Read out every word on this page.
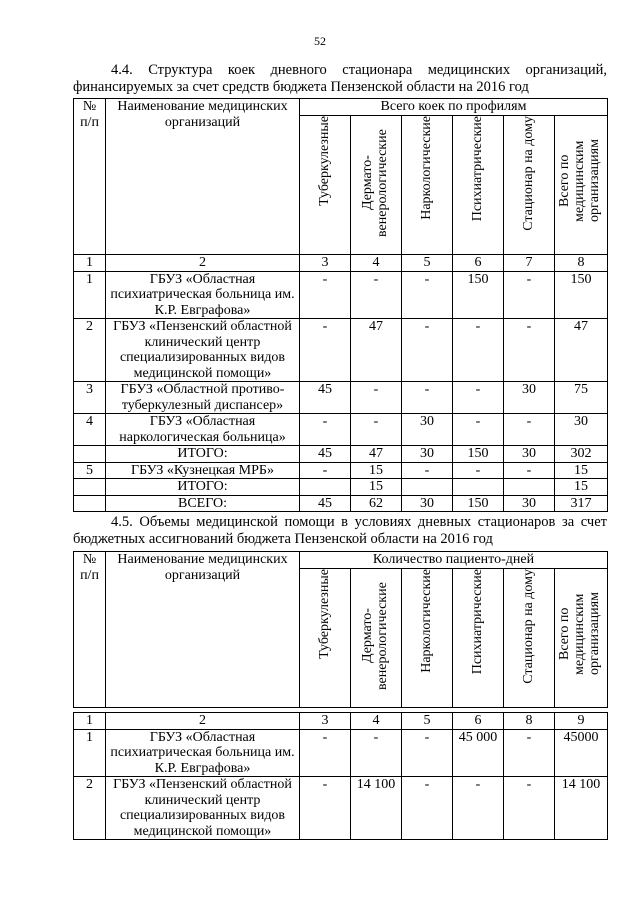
52
4.4. Структура коек дневного стационара медицинских организаций,
финансируемых за счет средств бюджета Пензенской области на 2016 год
№ п/п	Наименование медицинских организаций	Всего коек по профилям					

		Туберкулезные	Дермато-венерологические	Наркологические	Психиатрические	Стационар на дому	Всего по медицинским организациям

1	2	3	4	5	6	7	8
1	ГБУЗ «Областная психиатрическая больница им. К.Р. Евграфова»	-	-	-	150	-	150
2	ГБУЗ «Пензенский областной клинический центр специализированных видов медицинской помощи»	-	47	-	-	-	47
3	ГБУЗ «Областной противо-туберкулезный диспансер»	45	-	-	-	30	75
4	ГБУЗ «Областная наркологическая больница»	-	-	30	-	-	30
	ИТОГО:	45	47	30	150	30	302
5	ГБУЗ «Кузнецкая МРБ»	-	15	-	-	-	15
	ИТОГО:		15				15
	ВСЕГО:	45	62	30	150	30	317
4.5. Объемы медицинской помощи в условиях дневных стационаров за счет
бюджетных ассигнований бюджета Пензенской области на 2016 год
№ п/п	Наименование медицинских организаций	Количество пациенто-дней					

		Туберкулезные	Дермато-венерологические	Наркологические	Психиатрические	Стационар на дому	Всего по медицинским организациям

1	2	3	4	5	6	8	9
1	ГБУЗ «Областная психиатрическая больница им. К.Р. Евграфова»	-	-	-	45 000	-	45000
2	ГБУЗ «Пензенский областной клинический центр специализированных видов медицинской помощи»	-	14 100	-	-	-	14 100
